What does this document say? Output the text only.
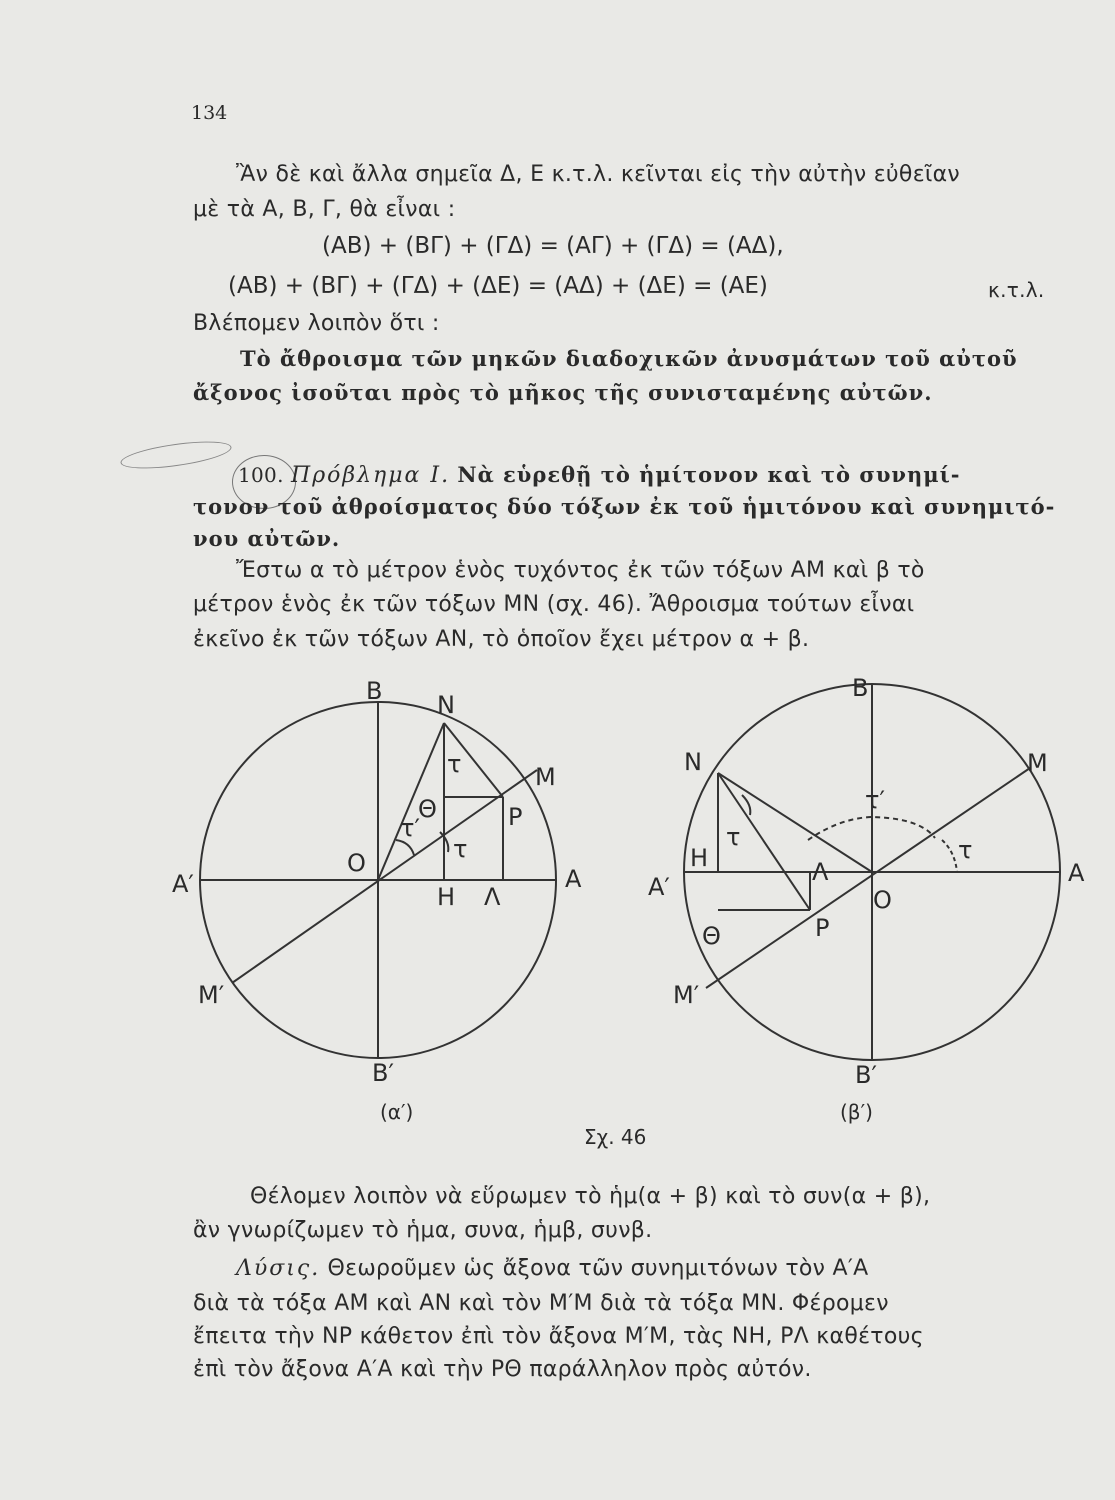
134
Ἂν δὲ καὶ ἄλλα σημεῖα Δ, Ε κ.τ.λ. κεῖνται εἰς τὴν αὐτὴν εὐθεῖαν
μὲ τὰ Α, Β, Γ, θὰ εἶναι :
(ΑΒ) + (ΒΓ) + (ΓΔ) = (ΑΓ) + (ΓΔ) = (ΑΔ),
(ΑΒ) + (ΒΓ) + (ΓΔ) + (ΔΕ) = (ΑΔ) + (ΔΕ) = (ΑΕ)	κ.τ.λ.
Βλέπομεν λοιπὸν ὅτι :
Τὸ ἄθροισμα τῶν μηκῶν διαδοχικῶν ἀνυσμάτων τοῦ αὐτοῦ
ἄξονος ἰσοῦται πρὸς τὸ μῆκος τῆς συνισταμένης αὐτῶν.
100. Πρόβλημα Ι. Νὰ εὑρεθῇ τὸ ἡμίτονον καὶ τὸ συνημί-
τονον τοῦ ἀθροίσματος δύο τόξων ἐκ τοῦ ἡμιτόνου καὶ συνημιτό-
νου αὐτῶν.
Ἔστω α τὸ μέτρον ἑνὸς τυχόντος ἐκ τῶν τόξων ΑΜ καὶ β τὸ
μέτρον ἑνὸς ἐκ τῶν τόξων ΜΝ (σχ. 46). Ἄθροισμα τούτων εἶναι
ἐκεῖνο ἐκ τῶν τόξων ΑΝ, τὸ ὁποῖον ἔχει μέτρον α + β.
Β Ν
Μ
τ
Θ	Ρ
τ′
τ
Ο
Α
Α′	Η Λ
Μ′
Β′
Β
Ν	Μ
τ′
τ	τ
Η	Λ
Α′	Ο
Α
Θ	Ρ
Μ′
Β′
(α′)	(β′)
Σχ. 46
Θέλομεν λοιπὸν νὰ εὕρωμεν τὸ ἡμ(α + β) καὶ τὸ συν(α + β),
ἂν γνωρίζωμεν τὸ ἡμα, συνα, ἡμβ, συνβ.
Λύσις. Θεωροῦμεν ὡς ἄξονα τῶν συνημιτόνων τὸν Α′Α
διὰ τὰ τόξα ΑΜ καὶ ΑΝ καὶ τὸν Μ′Μ διὰ τὰ τόξα ΜΝ. Φέρομεν
ἔπειτα τὴν ΝΡ κάθετον ἐπὶ τὸν ἄξονα Μ′Μ, τὰς ΝΗ, ΡΛ καθέτους
ἐπὶ τὸν ἄξονα Α′Α καὶ τὴν ΡΘ παράλληλον πρὸς αὐτόν.
